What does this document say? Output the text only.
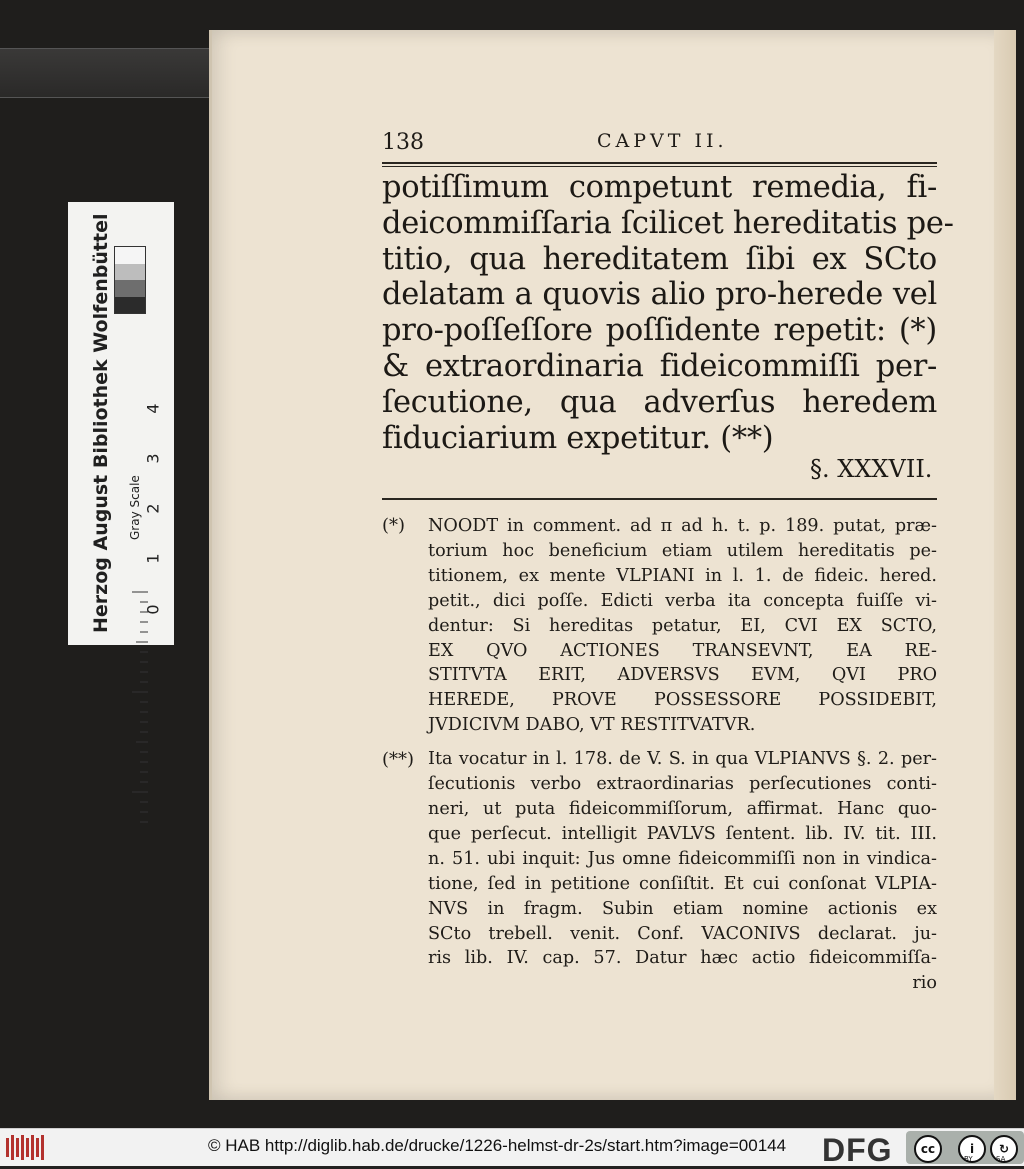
138	CAPVT II.
potiſſimum competunt remedia, fi-
deicommiſſaria ſcilicet hereditatis pe-
titio, qua hereditatem ſibi ex SCto
delatam a quovis alio pro-herede vel
pro-poſſeſſore poſſidente repetit: (*)
& extraordinaria fideicommiſſi per-
ſecutione, qua adverſus heredem
fiduciarium expetitur. (**)
§. XXXVII.
(*)	NOODT in comment. ad π ad h. t. p. 189. putat, præ-
torium hoc beneficium etiam utilem hereditatis pe-
titionem, ex mente VLPIANI in l. 1. de fideic. hered.
petit., dici poſſe. Edicti verba ita concepta fuiſſe vi-
dentur: Si hereditas petatur, EI, CVI EX SCTO,
EX QVO ACTIONES TRANSEVNT, EA RE-
STITVTA ERIT, ADVERSVS EVM, QVI PRO
HEREDE, PROVE POSSESSORE POSSIDEBIT,
JVDICIVM DABO, VT RESTITVATVR.
(**) Ita vocatur in l. 178. de V. S. in qua VLPIANVS §. 2. per-
ſecutionis verbo extraordinarias perſecutiones conti-
neri, ut puta fideicommiſſorum, affirmat. Hanc quo-
que perſecut. intelligit PAVLVS ſentent. lib. IV. tit. III.
n. 51. ubi inquit: Jus omne fideicommiſſi non in vindica-
tione, ſed in petitione conſiſtit. Et cui conſonat VLPIA-
NVS in fragm. Subin etiam nomine actionis ex
SCto trebell. venit. Conf. VACONIVS declarat. ju-
ris lib. IV. cap. 57. Datur hæc actio fideicommiſſa-
rio
Herzog August Bibliothek Wolfenbüttel	Gray Scale
0
1
2
3
4
© HAB http://diglib.hab.de/drucke/1226-helmst-dr-2s/start.htm?image=00144 DFG	cc	i	↻
BY	SA
